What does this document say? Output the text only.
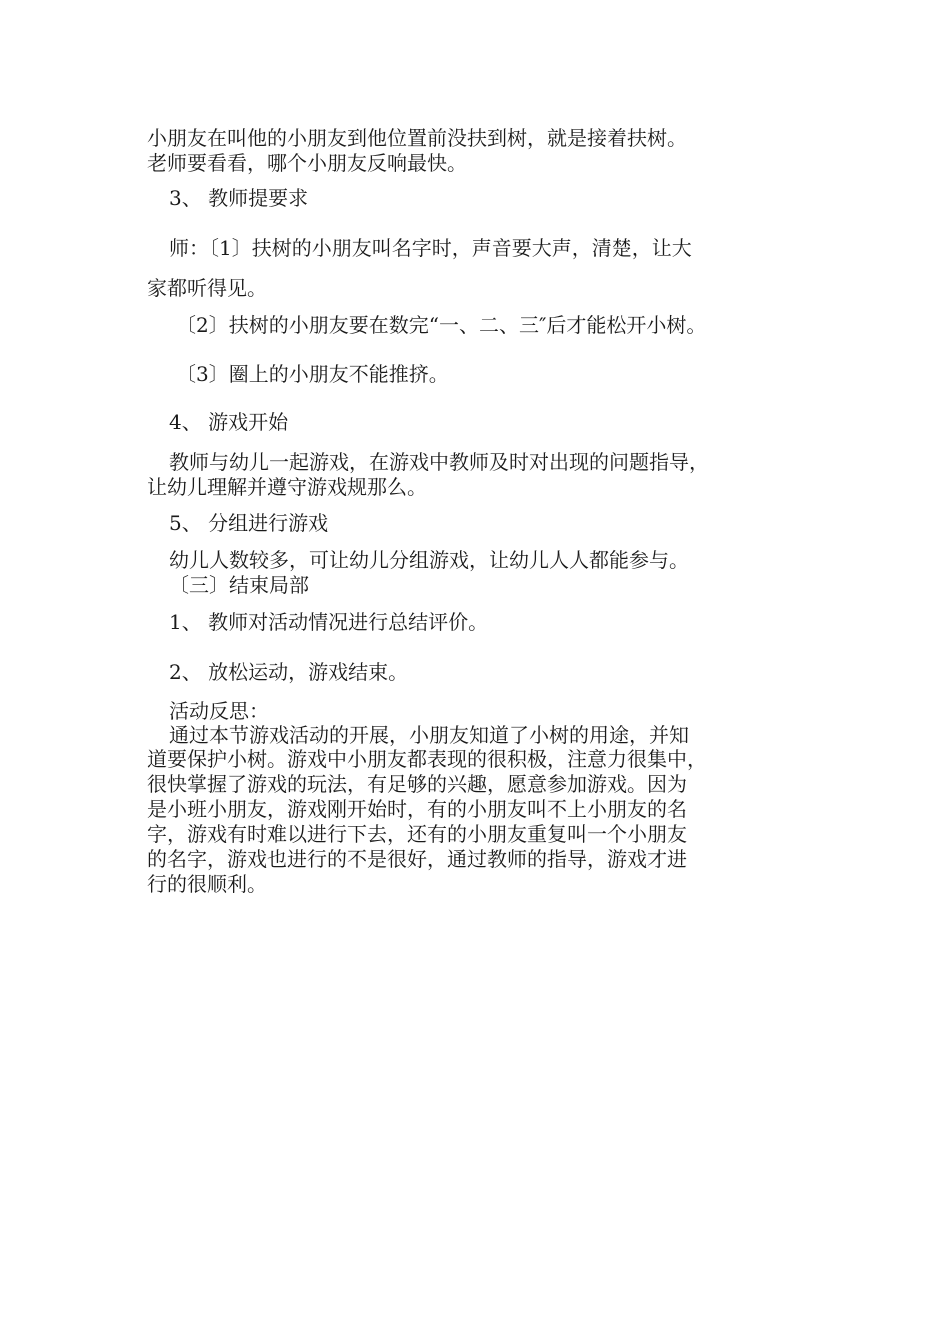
小朋友在叫他的小朋友到他位置前没扶到树，就是接着扶树。
老师要看看，哪个小朋友反响最快。
3、 教师提要求
师：〔1〕扶树的小朋友叫名字时，声音要大声，清楚，让大
家都听得见。
〔2〕扶树的小朋友要在数完“一、二、三″后才能松开小树。
〔3〕圈上的小朋友不能推挤。
4、 游戏开始
教师与幼儿一起游戏，在游戏中教师及时对出现的问题指导，
让幼儿理解并遵守游戏规那么。
5、 分组进行游戏
幼儿人数较多，可让幼儿分组游戏，让幼儿人人都能参与。
〔三〕结束局部
1、 教师对活动情况进行总结评价。
2、 放松运动，游戏结束。
活动反思：
通过本节游戏活动的开展，小朋友知道了小树的用途，并知
道要保护小树。游戏中小朋友都表现的很积极，注意力很集中，
很快掌握了游戏的玩法，有足够的兴趣，愿意参加游戏。因为
是小班小朋友，游戏刚开始时，有的小朋友叫不上小朋友的名
字，游戏有时难以进行下去，还有的小朋友重复叫一个小朋友
的名字，游戏也进行的不是很好，通过教师的指导，游戏才进
行的很顺利。
